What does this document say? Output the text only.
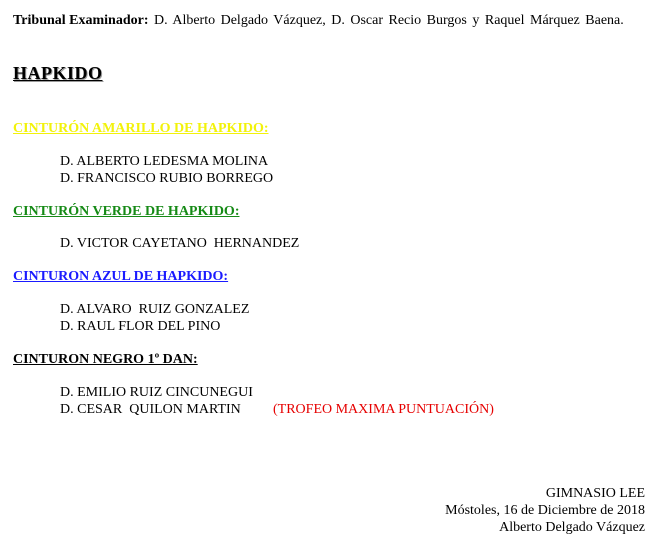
Tribunal Examinador: D. Alberto Delgado Vázquez, D. Oscar Recio Burgos y Raquel Márquez Baena.
HAPKIDO
CINTURÓN AMARILLO DE HAPKIDO:
D. ALBERTO LEDESMA MOLINA
D. FRANCISCO RUBIO BORREGO
CINTURÓN VERDE DE HAPKIDO:
D. VICTOR CAYETANO  HERNANDEZ
CINTURON AZUL DE HAPKIDO:
D. ALVARO  RUIZ GONZALEZ
D. RAUL FLOR DEL PINO
CINTURON NEGRO 1º DAN:
D. EMILIO RUIZ CINCUNEGUI
D. CESAR  QUILON MARTIN (TROFEO MAXIMA PUNTUACIÓN)
GIMNASIO LEE
Móstoles, 16 de Diciembre de 2018
Alberto Delgado Vázquez
